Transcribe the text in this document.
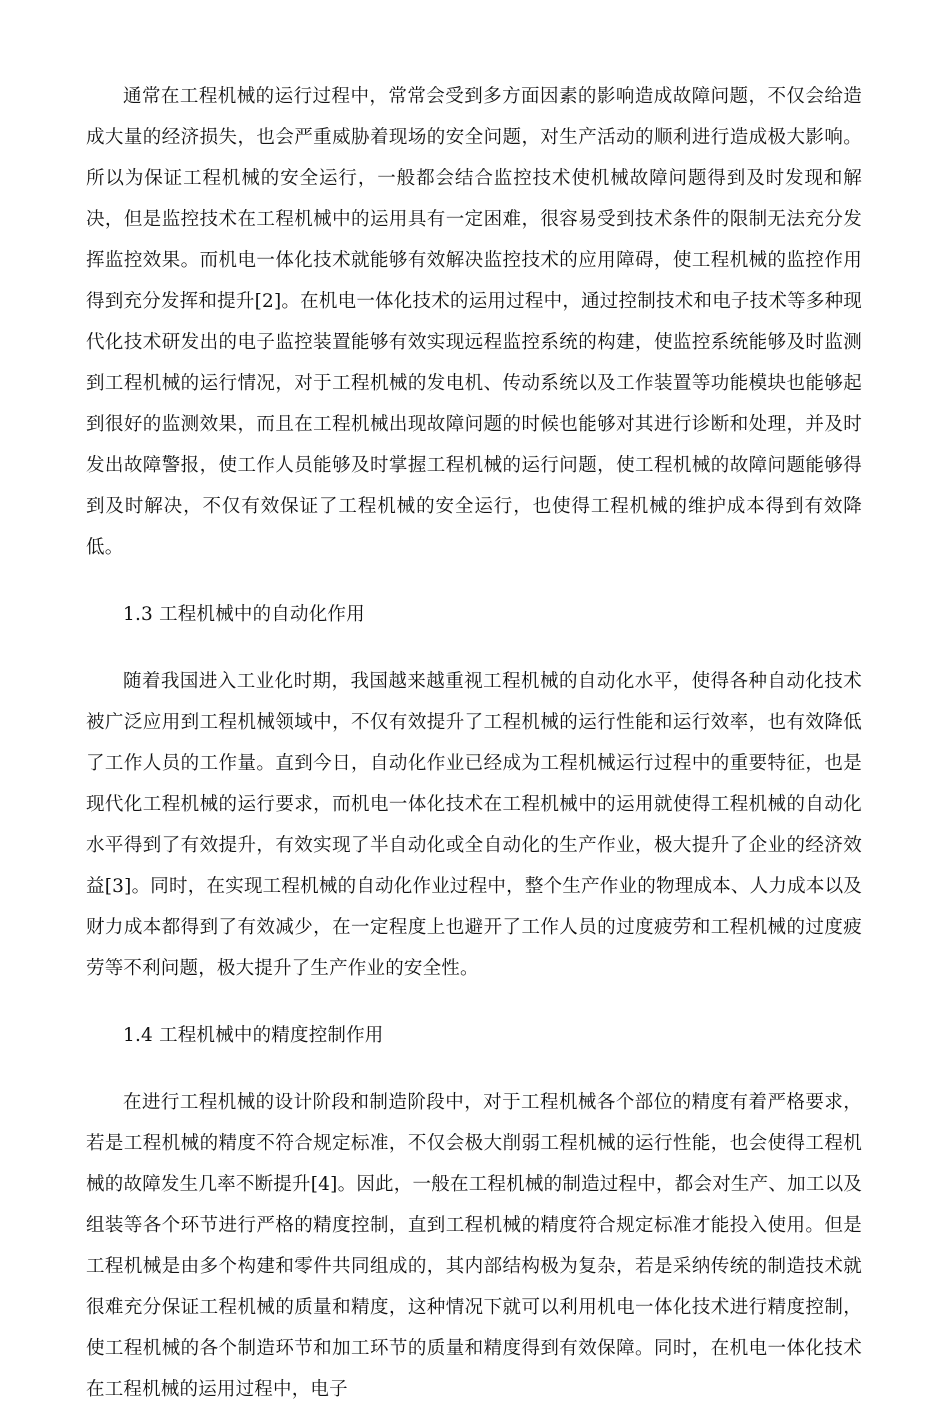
通常在工程机械的运行过程中，常常会受到多方面因素的影响造成故障问题，不仅会给造成大量的经济损失，也会严重威胁着现场的安全问题，对生产活动的顺利进行造成极大影响。所以为保证工程机械的安全运行，一般都会结合监控技术使机械故障问题得到及时发现和解决，但是监控技术在工程机械中的运用具有一定困难，很容易受到技术条件的限制无法充分发挥监控效果。而机电一体化技术就能够有效解决监控技术的应用障碍，使工程机械的监控作用得到充分发挥和提升[2]。在机电一体化技术的运用过程中，通过控制技术和电子技术等多种现代化技术研发出的电子监控装置能够有效实现远程监控系统的构建，使监控系统能够及时监测到工程机械的运行情况，对于工程机械的发电机、传动系统以及工作装置等功能模块也能够起到很好的监测效果，而且在工程机械出现故障问题的时候也能够对其进行诊断和处理，并及时发出故障警报，使工作人员能够及时掌握工程机械的运行问题，使工程机械的故障问题能够得到及时解决，不仅有效保证了工程机械的安全运行，也使得工程机械的维护成本得到有效降低。

1.3 工程机械中的自动化作用

随着我国进入工业化时期，我国越来越重视工程机械的自动化水平，使得各种自动化技术被广泛应用到工程机械领域中，不仅有效提升了工程机械的运行性能和运行效率，也有效降低了工作人员的工作量。直到今日，自动化作业已经成为工程机械运行过程中的重要特征，也是现代化工程机械的运行要求，而机电一体化技术在工程机械中的运用就使得工程机械的自动化水平得到了有效提升，有效实现了半自动化或全自动化的生产作业，极大提升了企业的经济效益[3]。同时，在实现工程机械的自动化作业过程中，整个生产作业的物理成本、人力成本以及财力成本都得到了有效减少，在一定程度上也避开了工作人员的过度疲劳和工程机械的过度疲劳等不利问题，极大提升了生产作业的安全性。

1.4 工程机械中的精度控制作用

在进行工程机械的设计阶段和制造阶段中，对于工程机械各个部位的精度有着严格要求，若是工程机械的精度不符合规定标准，不仅会极大削弱工程机械的运行性能，也会使得工程机械的故障发生几率不断提升[4]。因此，一般在工程机械的制造过程中，都会对生产、加工以及组装等各个环节进行严格的精度控制，直到工程机械的精度符合规定标准才能投入使用。但是工程机械是由多个构建和零件共同组成的，其内部结构极为复杂，若是采纳传统的制造技术就很难充分保证工程机械的质量和精度，这种情况下就可以利用机电一体化技术进行精度控制，使工程机械的各个制造环节和加工环节的质量和精度得到有效保障。同时，在机电一体化技术在工程机械的运用过程中，电子
